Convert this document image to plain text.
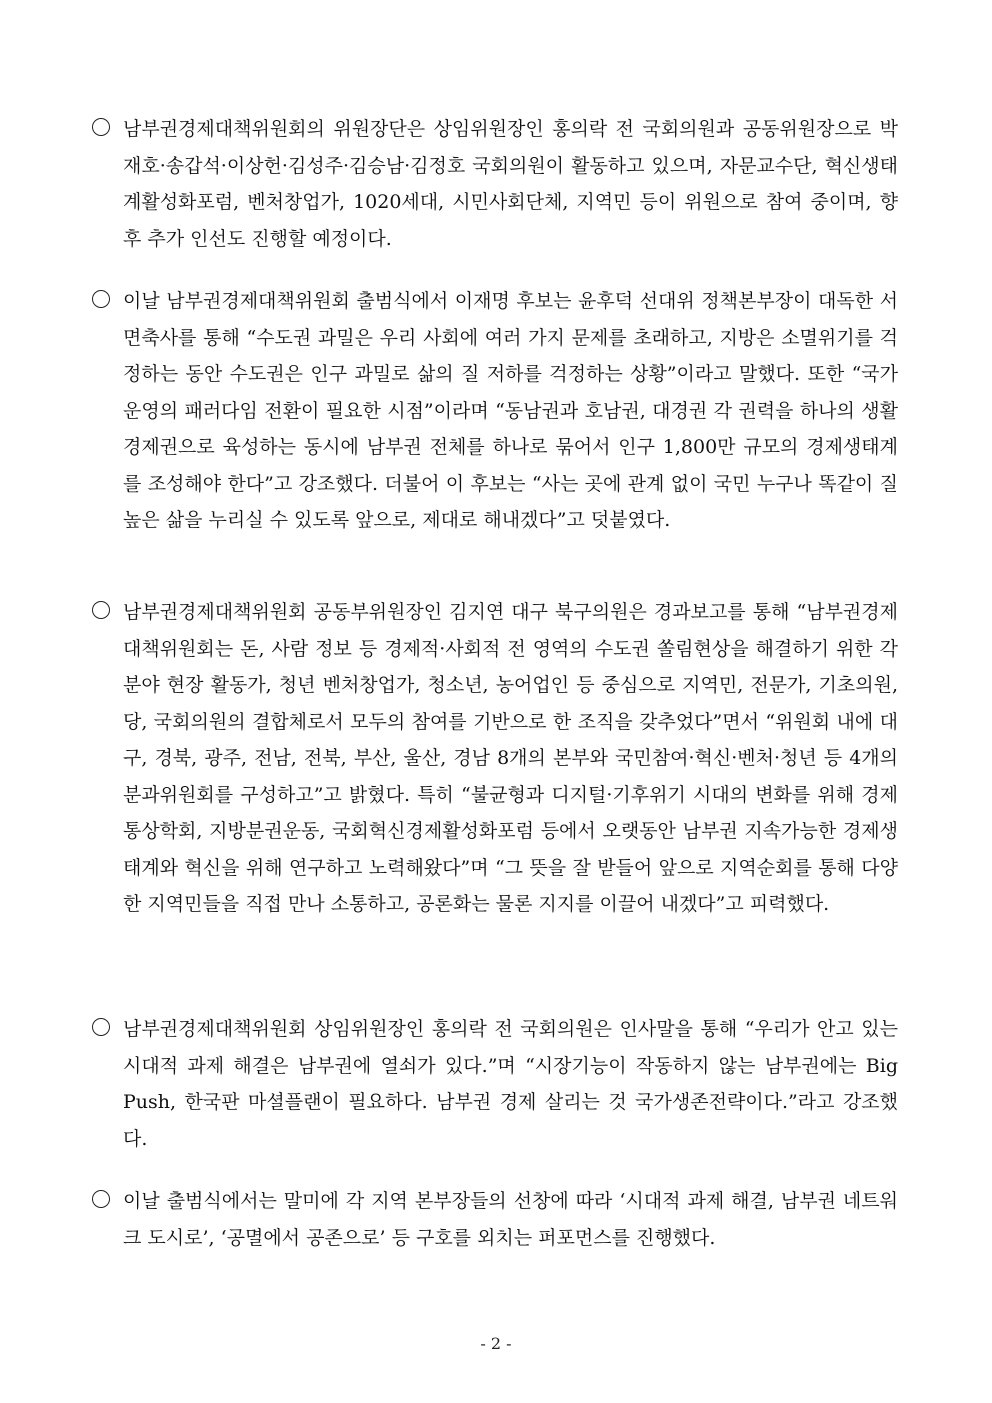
남부권경제대책위원회의 위원장단은 상임위원장인 홍의락 전 국회의원과 공동위원장으로 박재호·송갑석·이상헌·김성주·김승남·김정호 국회의원이 활동하고 있으며, 자문교수단, 혁신생태계활성화포럼, 벤처창업가, 1020세대, 시민사회단체, 지역민 등이 위원으로 참여 중이며, 향후 추가 인선도 진행할 예정이다.
이날 남부권경제대책위원회 출범식에서 이재명 후보는 윤후덕 선대위 정책본부장이 대독한 서면축사를 통해 “수도권 과밀은 우리 사회에 여러 가지 문제를 초래하고, 지방은 소멸위기를 걱정하는 동안 수도권은 인구 과밀로 삶의 질 저하를 걱정하는 상황”이라고 말했다. 또한 “국가 운영의 패러다임 전환이 필요한 시점”이라며 “동남권과 호남권, 대경권 각 권력을 하나의 생활경제권으로 육성하는 동시에 남부권 전체를 하나로 묶어서 인구 1,800만 규모의 경제생태계를 조성해야 한다”고 강조했다. 더불어 이 후보는 “사는 곳에 관계 없이 국민 누구나 똑같이 질 높은 삶을 누리실 수 있도록 앞으로, 제대로 해내겠다”고 덧붙였다.
남부권경제대책위원회 공동부위원장인 김지연 대구 북구의원은 경과보고를 통해 “남부권경제대책위원회는 돈, 사람 정보 등 경제적·사회적 전 영역의 수도권 쏠림현상을 해결하기 위한 각 분야 현장 활동가, 청년 벤처창업가, 청소년, 농어업인 등 중심으로 지역민, 전문가, 기초의원, 당, 국회의원의 결합체로서 모두의 참여를 기반으로 한 조직을 갖추었다”면서 “위원회 내에 대구, 경북, 광주, 전남, 전북, 부산, 울산, 경남 8개의 본부와 국민참여·혁신·벤처·청년 등 4개의 분과위원회를 구성하고”고 밝혔다. 특히 “불균형과 디지털·기후위기 시대의 변화를 위해 경제통상학회, 지방분권운동, 국회혁신경제활성화포럼 등에서 오랫동안 남부권 지속가능한 경제생태계와 혁신을 위해 연구하고 노력해왔다”며 “그 뜻을 잘 받들어 앞으로 지역순회를 통해 다양한 지역민들을 직접 만나 소통하고, 공론화는 물론 지지를 이끌어 내겠다”고 피력했다.
남부권경제대책위원회 상임위원장인 홍의락 전 국회의원은 인사말을 통해 “우리가 안고 있는 시대적 과제 해결은 남부권에 열쇠가 있다.”며 “시장기능이 작동하지 않는 남부권에는 Big Push, 한국판 마셜플랜이 필요하다. 남부권 경제 살리는 것 국가생존전략이다.”라고 강조했다.
이날 출범식에서는 말미에 각 지역 본부장들의 선창에 따라 ‘시대적 과제 해결, 남부권 네트워크 도시로’, ‘공멸에서 공존으로’ 등 구호를 외치는 퍼포먼스를 진행했다.
- 2 -
